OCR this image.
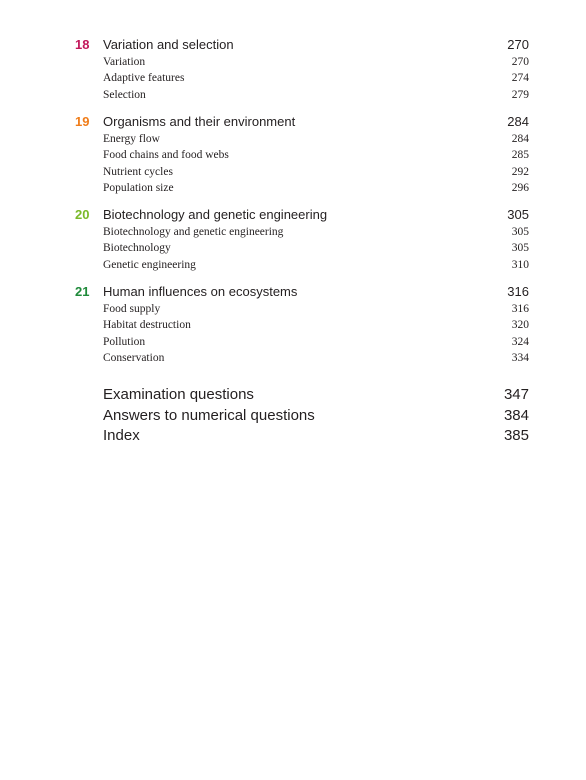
18 Variation and selection	270
Variation	270
Adaptive features	274
Selection	279
19 Organisms and their environment	284
Energy flow	284
Food chains and food webs	285
Nutrient cycles	292
Population size	296
20 Biotechnology and genetic engineering	305
Biotechnology and genetic engineering	305
Biotechnology	305
Genetic engineering	310
21 Human influences on ecosystems	316
Food supply	316
Habitat destruction	320
Pollution	324
Conservation	334
Examination questions	347
Answers to numerical questions	384
Index	385
